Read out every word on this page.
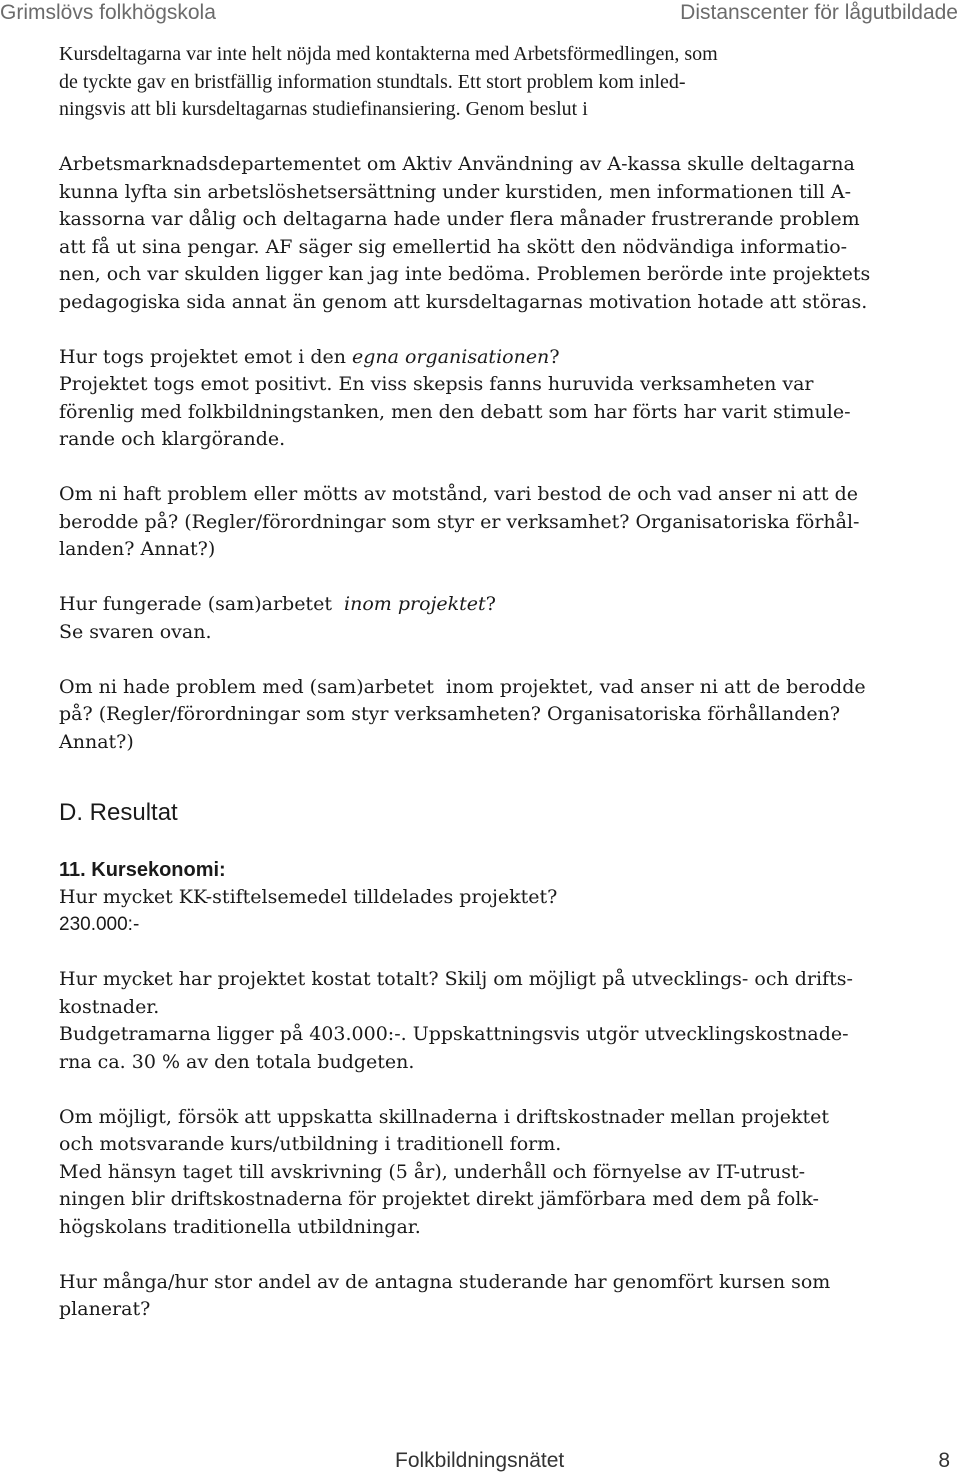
Grimslövs folkhögskola	Distanscenter för lågutbildade

Kursdeltagarna var inte helt nöjda med kontakterna med Arbetsförmedlingen, som

de tyckte gav en bristfällig information stundtals. Ett stort problem kom inled-

ningsvis att bli kursdeltagarnas studiefinansiering. Genom beslut i

Arbetsmarknadsdepartementet om Aktiv Användning av A-kassa skulle deltagarna

kunna lyfta sin arbetslöshetsersättning under kurstiden, men informationen till A-

kassorna var dålig och deltagarna hade under flera månader frustrerande problem

att få ut sina pengar. AF säger sig emellertid ha skött den nödvändiga informatio-

nen, och var skulden ligger kan jag inte bedöma. Problemen berörde inte projektets

pedagogiska sida annat än genom att kursdeltagarnas motivation hotade att störas.

Hur togs projektet emot i den egna organisationen?

Projektet togs emot positivt. En viss skepsis fanns huruvida verksamheten var

förenlig med folkbildningstanken, men den debatt som har förts har varit stimule-

rande och klargörande.

Om ni haft problem eller mötts av motstånd, vari bestod de och vad anser ni att de

berodde på? (Regler/förordningar som styr er verksamhet? Organisatoriska förhål-

landen? Annat?)

Hur fungerade (sam)arbetet  inom projektet?

Se svaren ovan.

Om ni hade problem med (sam)arbetet  inom projektet, vad anser ni att de berodde

på? (Regler/förordningar som styr verksamheten? Organisatoriska förhållanden?

Annat?)

D. Resultat
11. Kursekonomi:

Hur mycket KK-stiftelsemedel tilldelades projektet?

230.000:-

Hur mycket har projektet kostat totalt? Skilj om möjligt på utvecklings- och drifts-

kostnader.

Budgetramarna ligger på 403.000:-. Uppskattningsvis utgör utvecklingskostnade-

rna ca. 30 % av den totala budgeten.

Om möjligt, försök att uppskatta skillnaderna i driftskostnader mellan projektet

och motsvarande kurs/utbildning i traditionell form.

Med hänsyn taget till avskrivning (5 år), underhåll och förnyelse av IT-utrust-

ningen blir driftskostnaderna för projektet direkt jämförbara med dem på folk-

högskolans traditionella utbildningar.

Hur många/hur stor andel av de antagna studerande har genomfört kursen som

planerat?

Folkbildningsnätet	8
